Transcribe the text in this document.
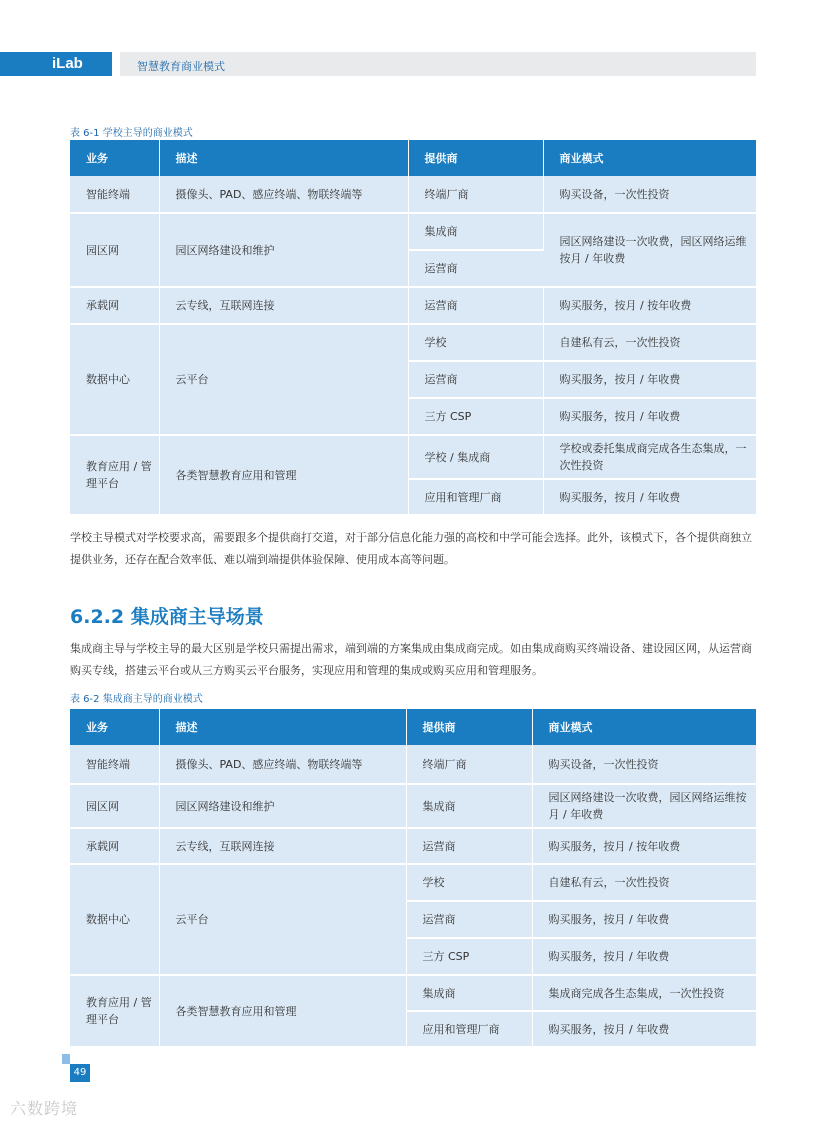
iLab	智慧教育商业模式
表 6-1 学校主导的商业模式
业务	描述	提供商	商业模式
智能终端	摄像头、PAD、感应终端、物联终端等	终端厂商	购买设备，一次性投资
园区网	园区网络建设和维护	集成商	园区网络建设一次收费，园区网络运维按月 / 年收费
		运营商	
承载网	云专线，互联网连接	运营商	购买服务，按月 / 按年收费
数据中心	云平台	学校	自建私有云，一次性投资
		运营商	购买服务，按月 / 年收费
		三方 CSP	购买服务，按月 / 年收费
教育应用 / 管理平台	各类智慧教育应用和管理	学校 / 集成商	学校或委托集成商完成各生态集成，一次性投资
		应用和管理厂商	购买服务，按月 / 年收费
学校主导模式对学校要求高，需要跟多个提供商打交道，对于部分信息化能力强的高校和中学可能会选择。此外，该模式下，各个提供商独立提供业务，还存在配合效率低、难以端到端提供体验保障、使用成本高等问题。
6.2.2 集成商主导场景
集成商主导与学校主导的最大区别是学校只需提出需求，端到端的方案集成由集成商完成。如由集成商购买终端设备、建设园区网，从运营商购买专线，搭建云平台或从三方购买云平台服务，实现应用和管理的集成或购买应用和管理服务。
表 6-2 集成商主导的商业模式
业务	描述	提供商	商业模式
智能终端	摄像头、PAD、感应终端、物联终端等	终端厂商	购买设备，一次性投资
园区网	园区网络建设和维护	集成商	园区网络建设一次收费，园区网络运维按月 / 年收费
承载网	云专线，互联网连接	运营商	购买服务，按月 / 按年收费
数据中心	云平台	学校	自建私有云，一次性投资
		运营商	购买服务，按月 / 年收费
		三方 CSP	购买服务，按月 / 年收费
教育应用 / 管理平台	各类智慧教育应用和管理	集成商	集成商完成各生态集成，一次性投资
		应用和管理厂商	购买服务，按月 / 年收费
49
六数跨境
